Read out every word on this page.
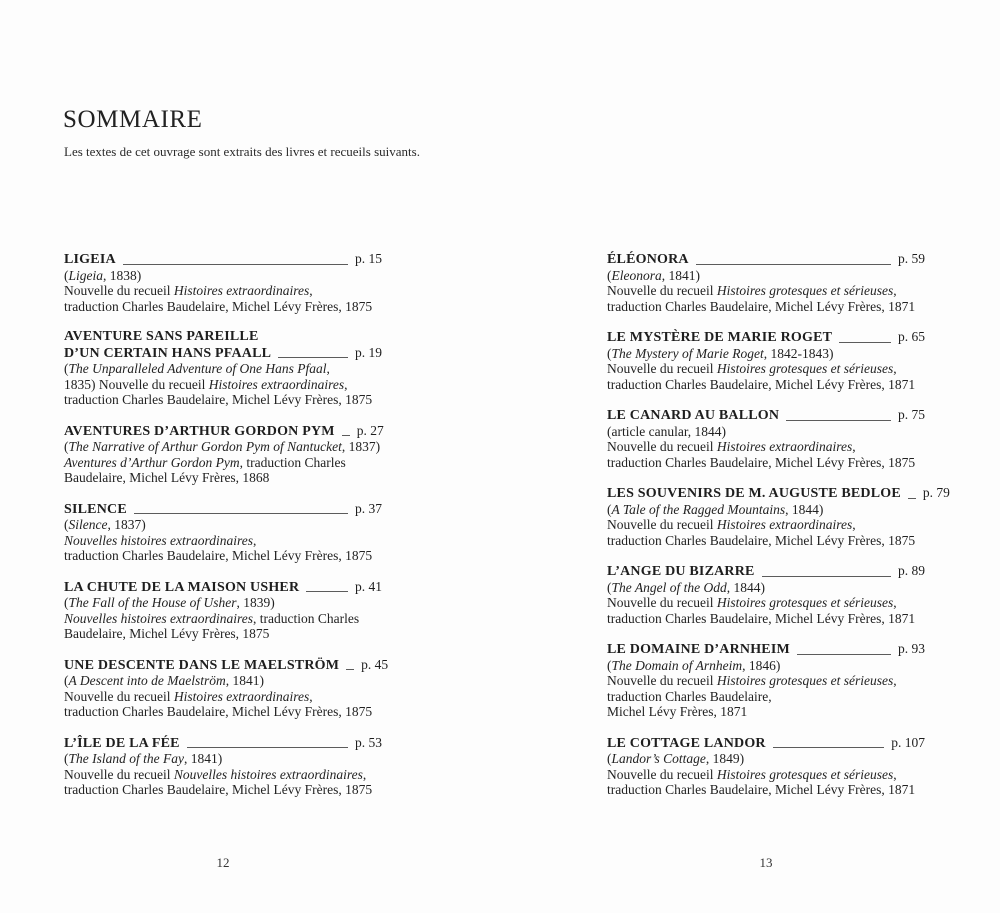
SOMMAIRE

Les textes de cet ouvrage sont extraits des livres et recueils suivants.

LIGEIA	p. 15
(Ligeia, 1838)
Nouvelle du recueil Histoires extraordinaires,
traduction Charles Baudelaire, Michel Lévy Frères, 1875
AVENTURE SANS PAREILLE
D’UN CERTAIN HANS PFAALL	p. 19
(The Unparalleled Adventure of One Hans Pfaal,
1835) Nouvelle du recueil Histoires extraordinaires,
traduction Charles Baudelaire, Michel Lévy Frères, 1875
AVENTURES D’ARTHUR GORDON PYM p. 27
(The Narrative of Arthur Gordon Pym of Nantucket, 1837)
Aventures d’Arthur Gordon Pym, traduction Charles
Baudelaire, Michel Lévy Frères, 1868
SILENCE	p. 37
(Silence, 1837)
Nouvelles histoires extraordinaires,
traduction Charles Baudelaire, Michel Lévy Frères, 1875
LA CHUTE DE LA MAISON USHER	p. 41
(The Fall of the House of Usher, 1839)
Nouvelles histoires extraordinaires, traduction Charles
Baudelaire, Michel Lévy Frères, 1875
UNE DESCENTE DANS LE MAELSTRÖM p. 45
(A Descent into de Maelström, 1841)
Nouvelle du recueil Histoires extraordinaires,
traduction Charles Baudelaire, Michel Lévy Frères, 1875
L’ÎLE DE LA FÉE	p. 53
(The Island of the Fay, 1841)
Nouvelle du recueil Nouvelles histoires extraordinaires,
traduction Charles Baudelaire, Michel Lévy Frères, 1875
ÉLÉONORA	p. 59
(Eleonora, 1841)
Nouvelle du recueil Histoires grotesques et sérieuses,
traduction Charles Baudelaire, Michel Lévy Frères, 1871
LE MYSTÈRE DE MARIE ROGET	p. 65
(The Mystery of Marie Roget, 1842-1843)
Nouvelle du recueil Histoires grotesques et sérieuses,
traduction Charles Baudelaire, Michel Lévy Frères, 1871
LE CANARD AU BALLON	p. 75
(article canular, 1844)
Nouvelle du recueil Histoires extraordinaires,
traduction Charles Baudelaire, Michel Lévy Frères, 1875
LES SOUVENIRS DE M. AUGUSTE BEDLOE p. 79
(A Tale of the Ragged Mountains, 1844)
Nouvelle du recueil Histoires extraordinaires,
traduction Charles Baudelaire, Michel Lévy Frères, 1875
L’ANGE DU BIZARRE	p. 89
(The Angel of the Odd, 1844)
Nouvelle du recueil Histoires grotesques et sérieuses,
traduction Charles Baudelaire, Michel Lévy Frères, 1871
LE DOMAINE D’ARNHEIM	p. 93
(The Domain of Arnheim, 1846)
Nouvelle du recueil Histoires grotesques et sérieuses,
traduction Charles Baudelaire,
Michel Lévy Frères, 1871
LE COTTAGE LANDOR	p. 107
(Landor’s Cottage, 1849)
Nouvelle du recueil Histoires grotesques et sérieuses,
traduction Charles Baudelaire, Michel Lévy Frères, 1871
12	13
